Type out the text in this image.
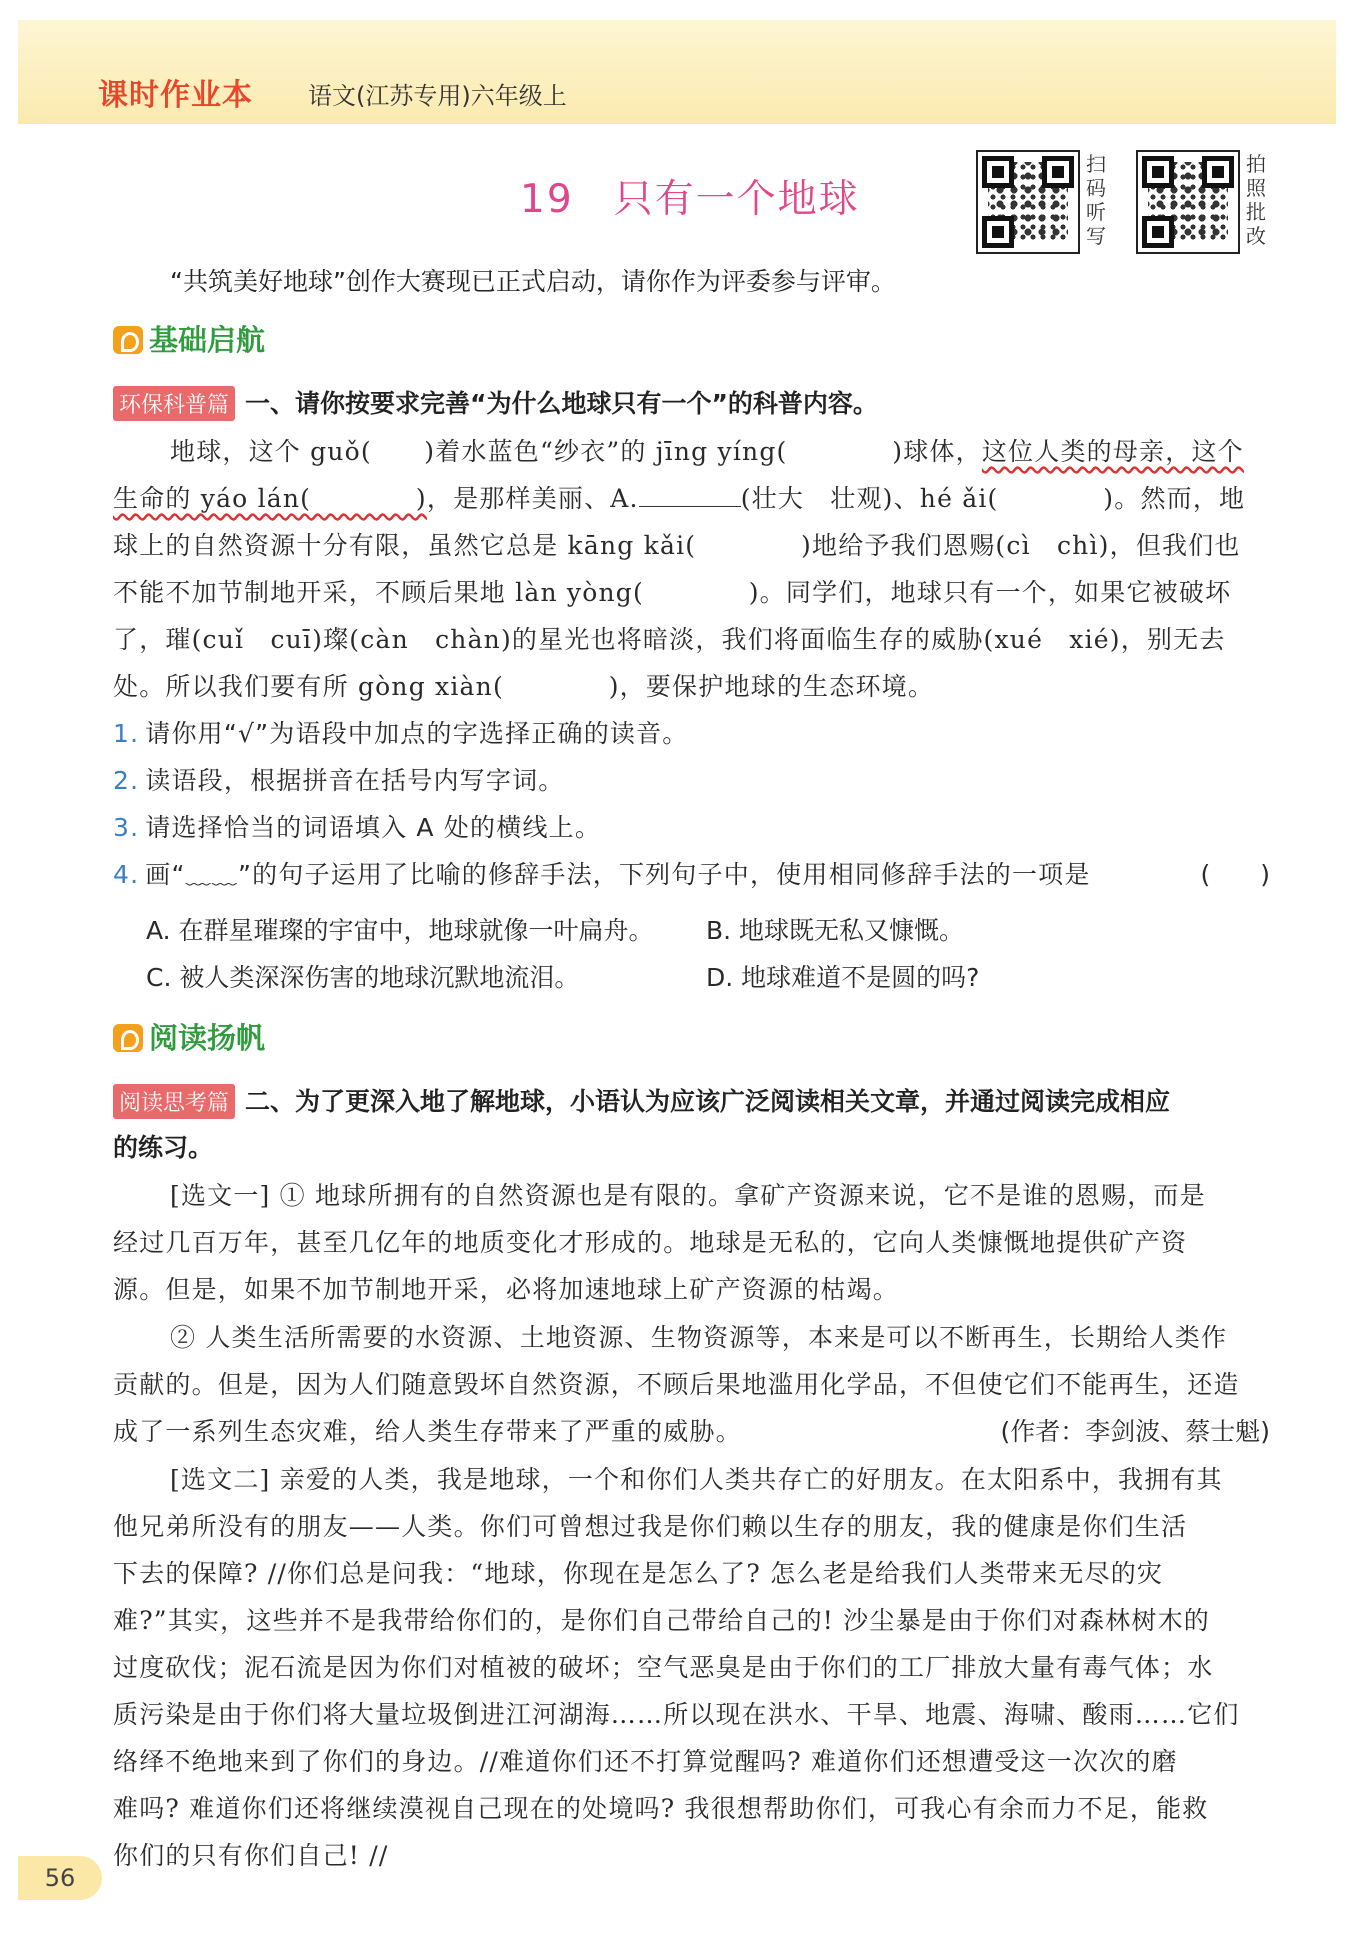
课时作业本 语文(江苏专用)六年级上
19 只有一个地球
扫码听写
拍照批改
“共筑美好地球”创作大赛现已正式启动，请你作为评委参与评审。
基础启航
环保科普篇 一、请你按要求完善“为什么地球只有一个”的科普内容。
地球，这个 guǒ(　　)着水蓝色“纱衣”的 jīng yíng(　　　　)球体，这位人类的母亲，这个
生命的 yáo lán(　　　　)，是那样美丽、A.	(壮大　壮观)、hé ǎi(　　　　)。然而，地
球上的自然资源十分有限，虽然它总是 kāng kǎi(　　　　)地给予我们恩赐(cì　chì)，但我们也
不能不加节制地开采，不顾后果地 làn yòng(　　　　)。同学们，地球只有一个，如果它被破坏
了，璀(cuǐ　cuī)璨(càn　chàn)的星光也将暗淡，我们将面临生存的威胁(xué　xié)，别无去
处。所以我们要有所 gòng xiàn(　　　　)，要保护地球的生态环境。
1. 请你用“√”为语段中加点的字选择正确的读音。
2. 读语段，根据拼音在括号内写字词。
3. 请选择恰当的词语填入 A 处的横线上。
4. 画“﹏﹏”的句子运用了比喻的修辞手法，下列句子中，使用相同修辞手法的一项是	(　　)
A. 在群星璀璨的宇宙中，地球就像一叶扁舟。 B. 地球既无私又慷慨。
C. 被人类深深伤害的地球沉默地流泪。	D. 地球难道不是圆的吗?
阅读扬帆
阅读思考篇 二、为了更深入地了解地球，小语认为应该广泛阅读相关文章，并通过阅读完成相应
的练习。
[选文一] ① 地球所拥有的自然资源也是有限的。拿矿产资源来说，它不是谁的恩赐，而是
经过几百万年，甚至几亿年的地质变化才形成的。地球是无私的，它向人类慷慨地提供矿产资
源。但是，如果不加节制地开采，必将加速地球上矿产资源的枯竭。
② 人类生活所需要的水资源、土地资源、生物资源等，本来是可以不断再生，长期给人类作
贡献的。但是，因为人们随意毁坏自然资源，不顾后果地滥用化学品，不但使它们不能再生，还造
成了一系列生态灾难，给人类生存带来了严重的威胁。	(作者：李剑波、蔡士魁)
[选文二] 亲爱的人类，我是地球，一个和你们人类共存亡的好朋友。在太阳系中，我拥有其
他兄弟所没有的朋友——人类。你们可曾想过我是你们赖以生存的朋友，我的健康是你们生活
下去的保障? //你们总是问我：“地球，你现在是怎么了? 怎么老是给我们人类带来无尽的灾
难?”其实，这些并不是我带给你们的，是你们自己带给自己的! 沙尘暴是由于你们对森林树木的
过度砍伐；泥石流是因为你们对植被的破坏；空气恶臭是由于你们的工厂排放大量有毒气体；水
质污染是由于你们将大量垃圾倒进江河湖海……所以现在洪水、干旱、地震、海啸、酸雨……它们
络绎不绝地来到了你们的身边。//难道你们还不打算觉醒吗? 难道你们还想遭受这一次次的磨
难吗? 难道你们还将继续漠视自己现在的处境吗? 我很想帮助你们，可我心有余而力不足，能救
你们的只有你们自己! //
56
